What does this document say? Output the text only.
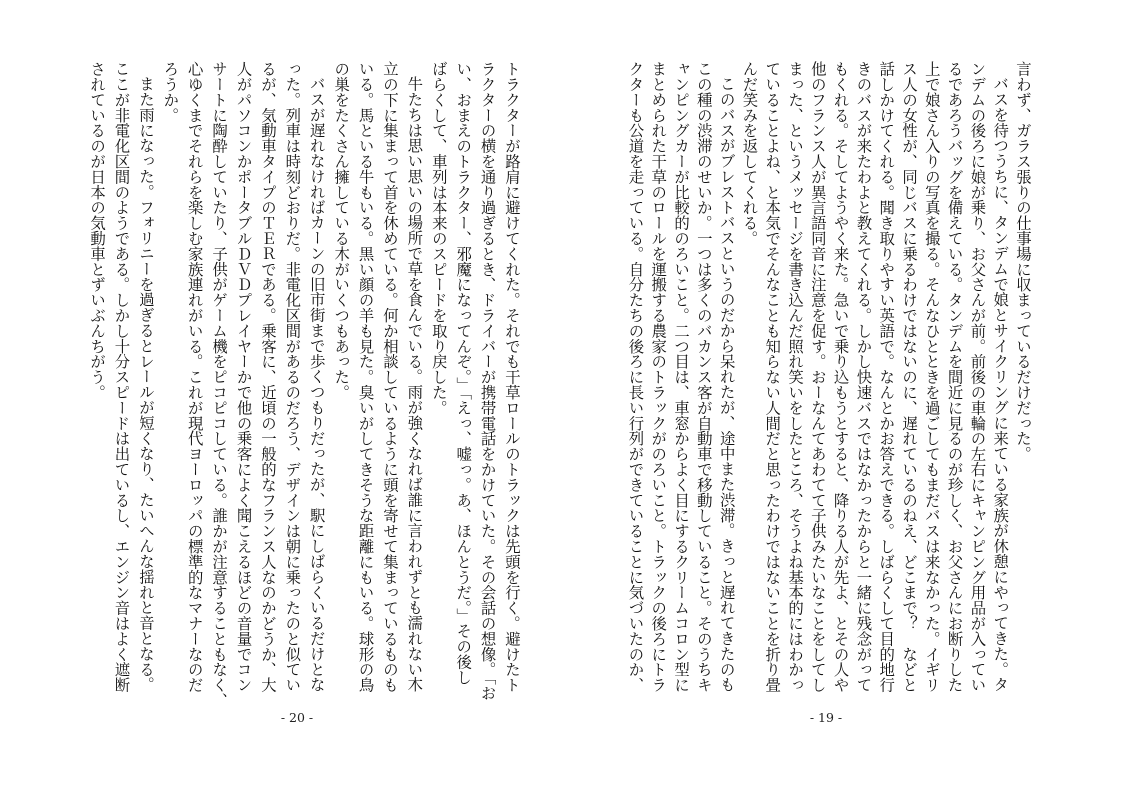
トラクターが路肩に避けてくれた。それでも干草ロールのトラックは先頭を行く。避けたト
ラクターの横を通り過ぎるとき、ドライバーが携帯電話をかけていた。その会話の想像。「お
い、おまえのトラクター、邪魔になってんぞ。」「えっ、嘘っ。あ、ほんとうだ。」その後し
ばらくして、車列は本来のスピードを取り戻した。
牛たちは思い思いの場所で草を食んでいる。雨が強くなれば誰に言われずとも濡れない木
立の下に集まって首を休めている。何か相談しているように頭を寄せて集まっているものも
いる。馬といる牛もいる。黒い顔の羊も見た。臭いがしてきそうな距離にもいる。球形の鳥
の巣をたくさん擁している木がいくつもあった。
バスが遅れなければカーンの旧市街まで歩くつもりだったが、駅にしばらくいるだけとな
った。列車は時刻どおりだ。非電化区間があるのだろう、デザインは朝に乗ったのと似てい
るが、気動車タイプのＴＥＲである。乗客に、近頃の一般的なフランス人なのかどうか、大
人がパソコンかポータブルＤＶＤプレイヤーかで他の乗客によく聞こえるほどの音量でコン
サートに陶酔していたり、子供がゲーム機をピコピコしている。誰かが注意することもなく、
心ゆくまでそれらを楽しむ家族連れがいる。これが現代ヨーロッパの標準的なマナーなのだ
ろうか。
また雨になった。フォリニーを過ぎるとレールが短くなり、たいへんな揺れと音となる。
ここが非電化区間のようである。しかし十分スピードは出ているし、エンジン音はよく遮断
されているのが日本の気動車とずいぶんちがう。
- 20 -
言わず、ガラス張りの仕事場に収まっているだけだった。
バスを待つうちに、タンデムで娘とサイクリングに来ている家族が休憩にやってきた。タ
ンデムの後ろに娘が乗り、お父さんが前。前後の車輪の左右にキャンピング用品が入ってい
るであろうバッグを備えている。タンデムを間近に見るのが珍しく、お父さんにお断りした
上で娘さん入りの写真を撮る。そんなひとときを過ごしてもまだバスは来なかった。イギリ
ス人の女性が、同じバスに乗るわけではないのに、遅れているのねえ、どこまで？　などと
話しかけてくれる。聞き取りやすい英語で。なんとかお答えできる。しばらくして目的地行
きのバスが来たわよと教えてくれる。しかし快速バスではなかったからと一緒に残念がって
もくれる。そしてようやく来た。急いで乗り込もうとすると、降りる人が先よ、とその人や
他のフランス人が異言語同音に注意を促す。おーなんてあわてて子供みたいなことをしてし
まった、というメッセージを書き込んだ照れ笑いをしたところ、そうよね基本的にはわかっ
ていることよね、と本気でそんなことも知らない人間だと思ったわけではないことを折り畳
んだ笑みを返してくれる。
このバスがブレストバスというのだから呆れたが、途中また渋滞。きっと遅れてきたのも
この種の渋滞のせいか。一つは多くのバカンス客が自動車で移動していること。そのうちキ
ャンピングカーが比較的のろいこと。二つ目は、車窓からよく目にするクリームコロン型に
まとめられた干草のロールを運搬する農家のトラックがのろいこと。トラックの後ろにトラ
クターも公道を走っている。自分たちの後ろに長い行列ができていることに気づいたのか、
- 19 -
